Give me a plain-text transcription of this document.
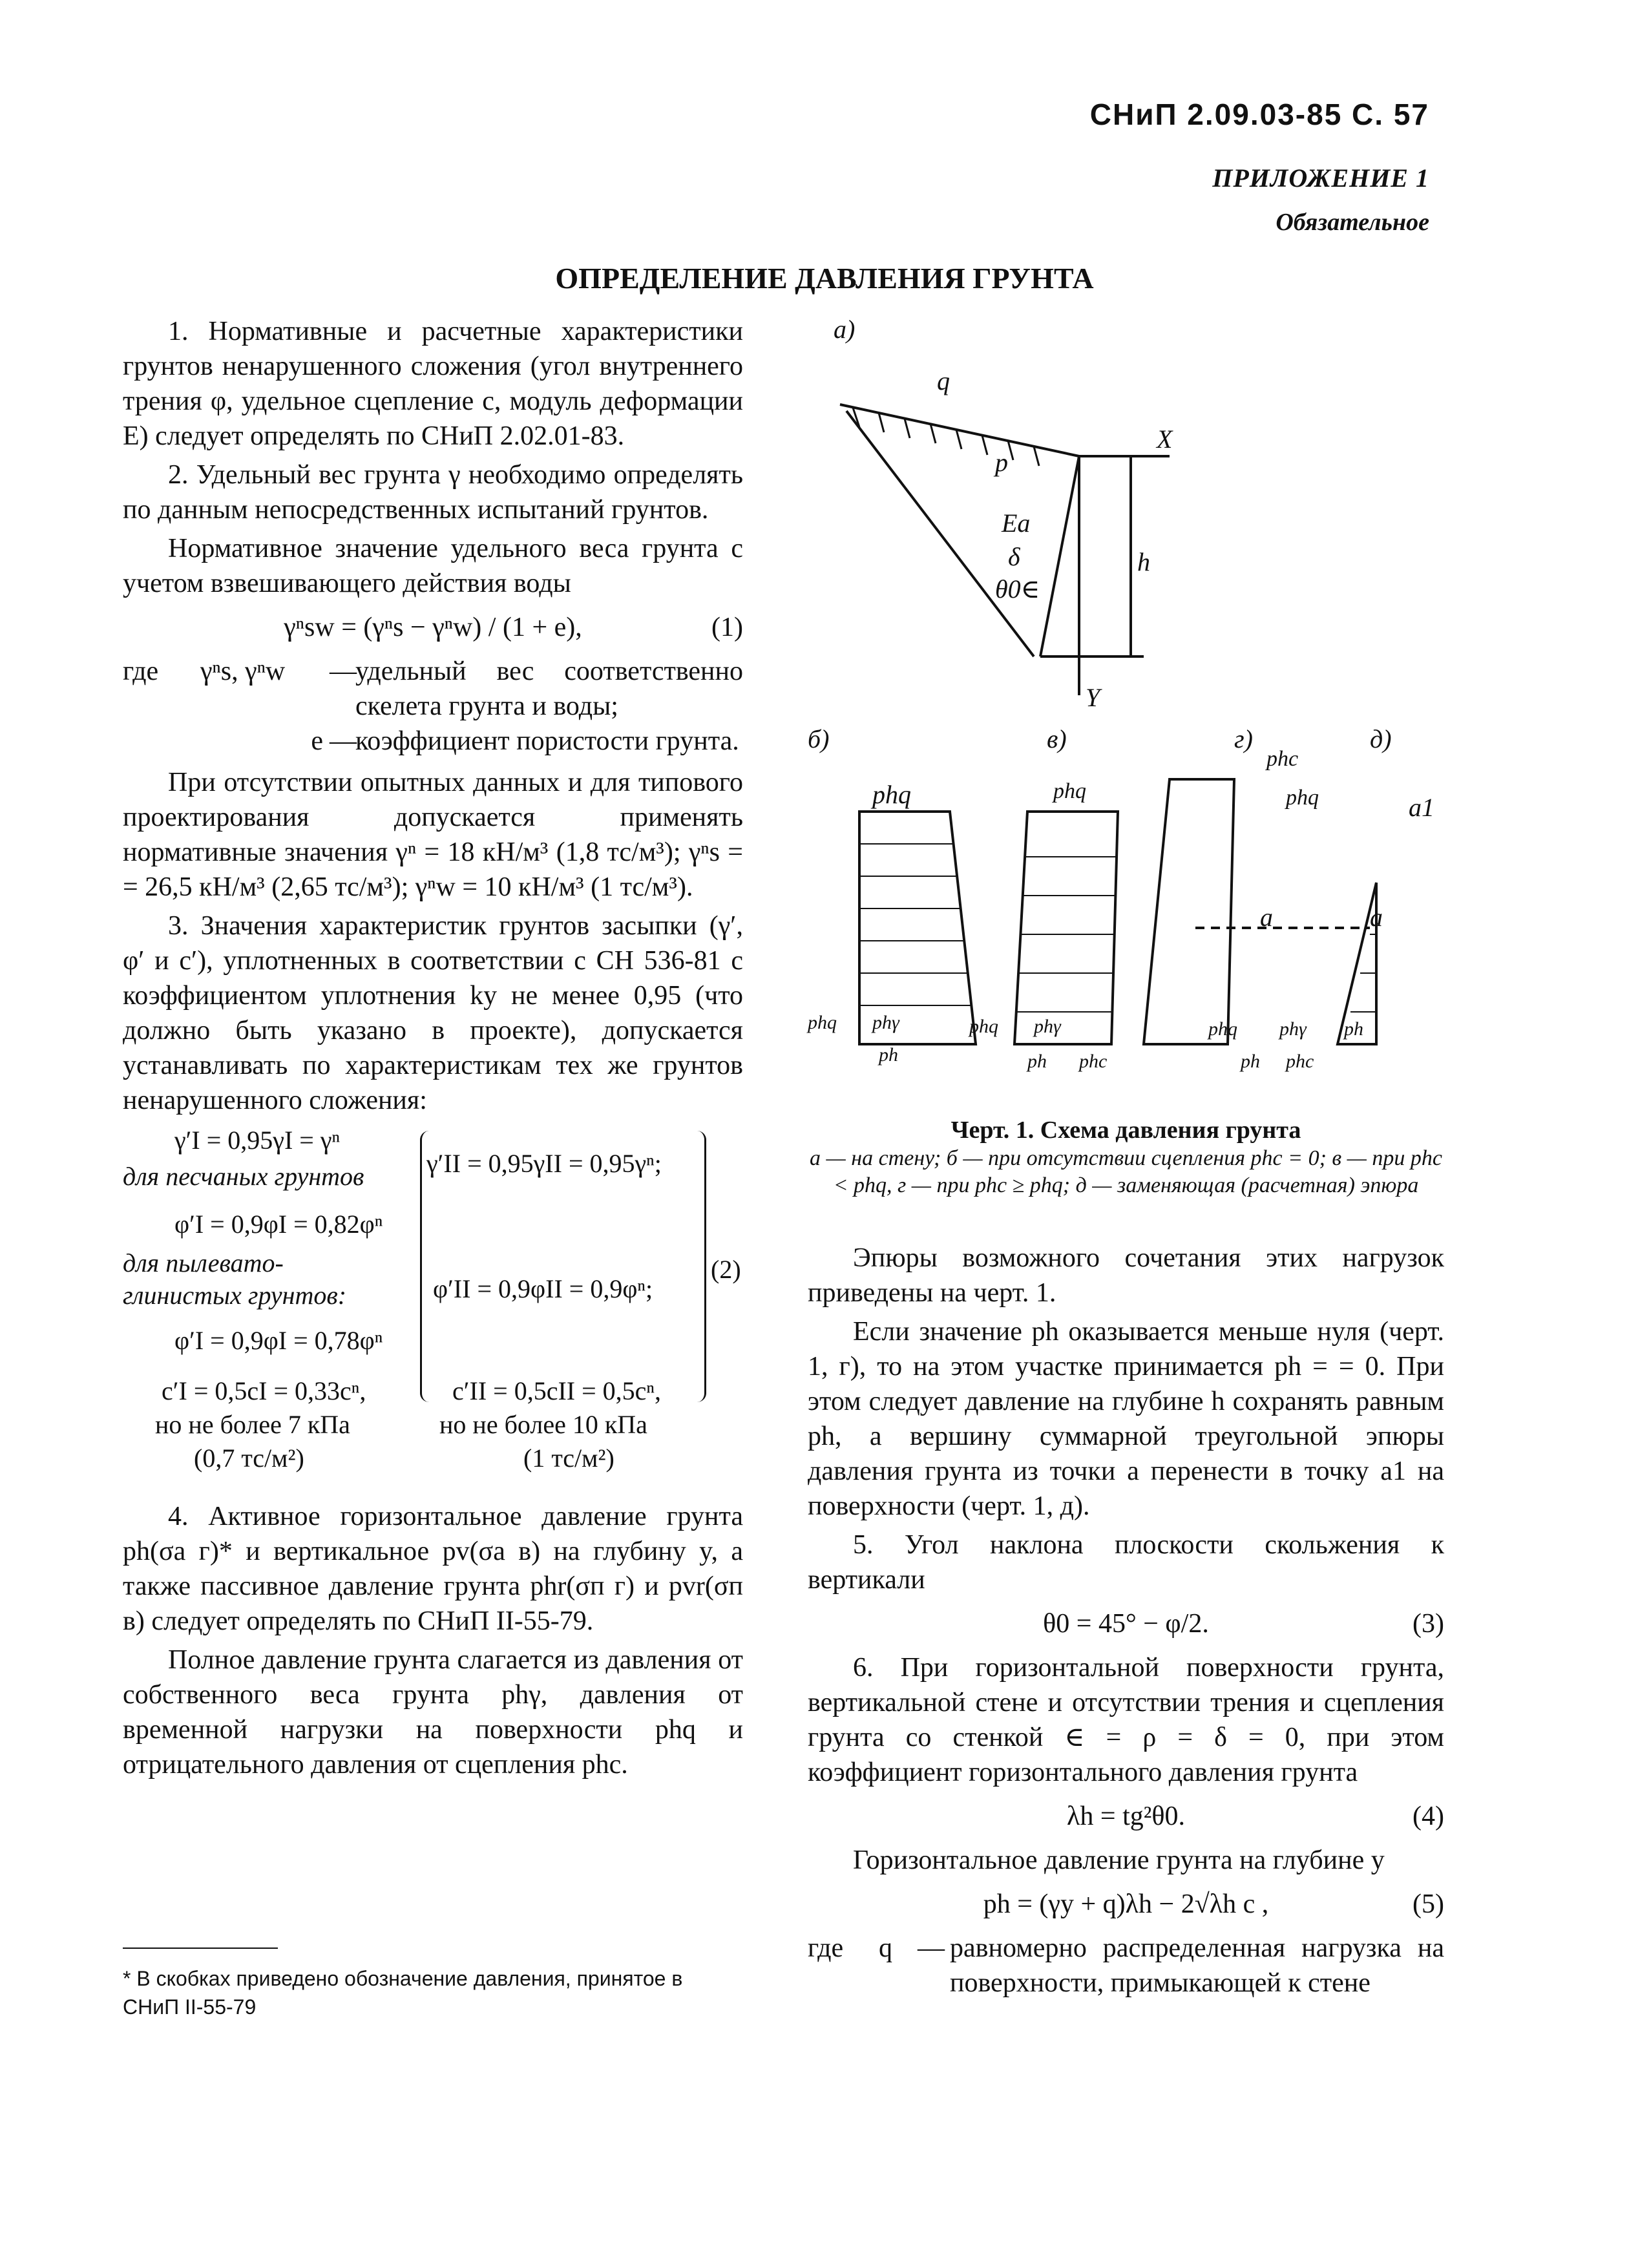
СНиП 2.09.03-85 С. 57
ПРИЛОЖЕНИЕ 1
Обязательное
ОПРЕДЕЛЕНИЕ ДАВЛЕНИЯ ГРУНТА

1. Нормативные и расчетные характеристики грунтов ненарушенного сложения (угол внутреннего трения φ, удельное сцепление c, модуль деформации E) следует определять по СНиП 2.02.01-83.

2. Удельный вес грунта γ необходимо определять по данным непосредственных испытаний грунтов.

Нормативное значение удельного веса грунта с учетом взвешивающего действия воды

γⁿsw = (γⁿs − γⁿw) / (1 + e),	(1)

где	γⁿs, γⁿw	—
удельный вес соответственно скелета грунта и воды;
e —
коэффициент пористости грунта.

При отсутствии опытных данных и для типового проектирования допускается применять нормативные значения γⁿ = 18 кН/м³ (1,8 тс/м³); γⁿs = = 26,5 кН/м³ (2,65 тс/м³); γⁿw = 10 кН/м³ (1 тс/м³).

3. Значения характеристик грунтов засыпки (γ′, φ′ и c′), уплотненных в соответствии с СН 536-81 с коэффициентом уплотнения kу не менее 0,95 (что должно быть указано в проекте), допускается устанавливать по характеристикам тех же грунтов ненарушенного сложения:

γ′I = 0,95γI = γⁿ
для песчаных грунтов γ′II = 0,95γII = 0,95γⁿ;
φ′I = 0,9φI = 0,82φⁿ
для пылевато-
глинистых грунтов:	φ′II = 0,9φII = 0,9φⁿ;
φ′I = 0,9φI = 0,78φⁿ
c′I = 0,5cI = 0,33cⁿ,	c′II = 0,5cII = 0,5cⁿ,
но не более 7 кПа	но не более 10 кПа
(0,7 тс/м²)	(1 тс/м²)
(2)

4. Активное горизонтальное давление грунта ph(σа г)* и вертикальное pv(σа в) на глубину y, а также пассивное давление грунта phr(σп г) и pvr(σп в) следует определять по СНиП II-55-79.

Полное давление грунта слагается из давления от собственного веса грунта phγ, давления от временной нагрузки на поверхности phq и отрицательного давления от сцепления phc.

* В скобках приведено обозначение давления, принятое в СНиП II-55-79
а)
б)	в)	г)	д)
q
X
Y
h
p
Ea
δ
θ0∈
phq
phq phγ
ph
phq
phq phγ
ph phc
phc
phq
phq phγ
ph phc
a	a
a1
ph
Черт. 1. Схема давления грунта
а — на стену; б — при отсутствии сцепления phc = 0; в — при phc < phq, г — при phc ≥ phq; д — заменяющая (расчетная) эпюра

Эпюры возможного сочетания этих нагрузок приведены на черт. 1.

Если значение ph оказывается меньше нуля (черт. 1, г), то на этом участке принимается ph = = 0. При этом следует давление на глубине h сохранять равным ph, а вершину суммарной треугольной эпюры давления грунта из точки a перенести в точку a1 на поверхности (черт. 1, д).

5. Угол наклона плоскости скольжения к вертикали

θ0 = 45° − φ/2.	(3)

6. При горизонтальной поверхности грунта, вертикальной стене и отсутствии трения и сцепления грунта со стенкой ∈ = ρ = δ = 0, при этом коэффициент горизонтального давления грунта

λh = tg²θ0.	(4)

Горизонтальное давление грунта на глубине y

ph = (γy + q)λh − 2√λh c ,	(5)

где	q — равномерно распределенная нагрузка на поверхности, примыкающей к стене
